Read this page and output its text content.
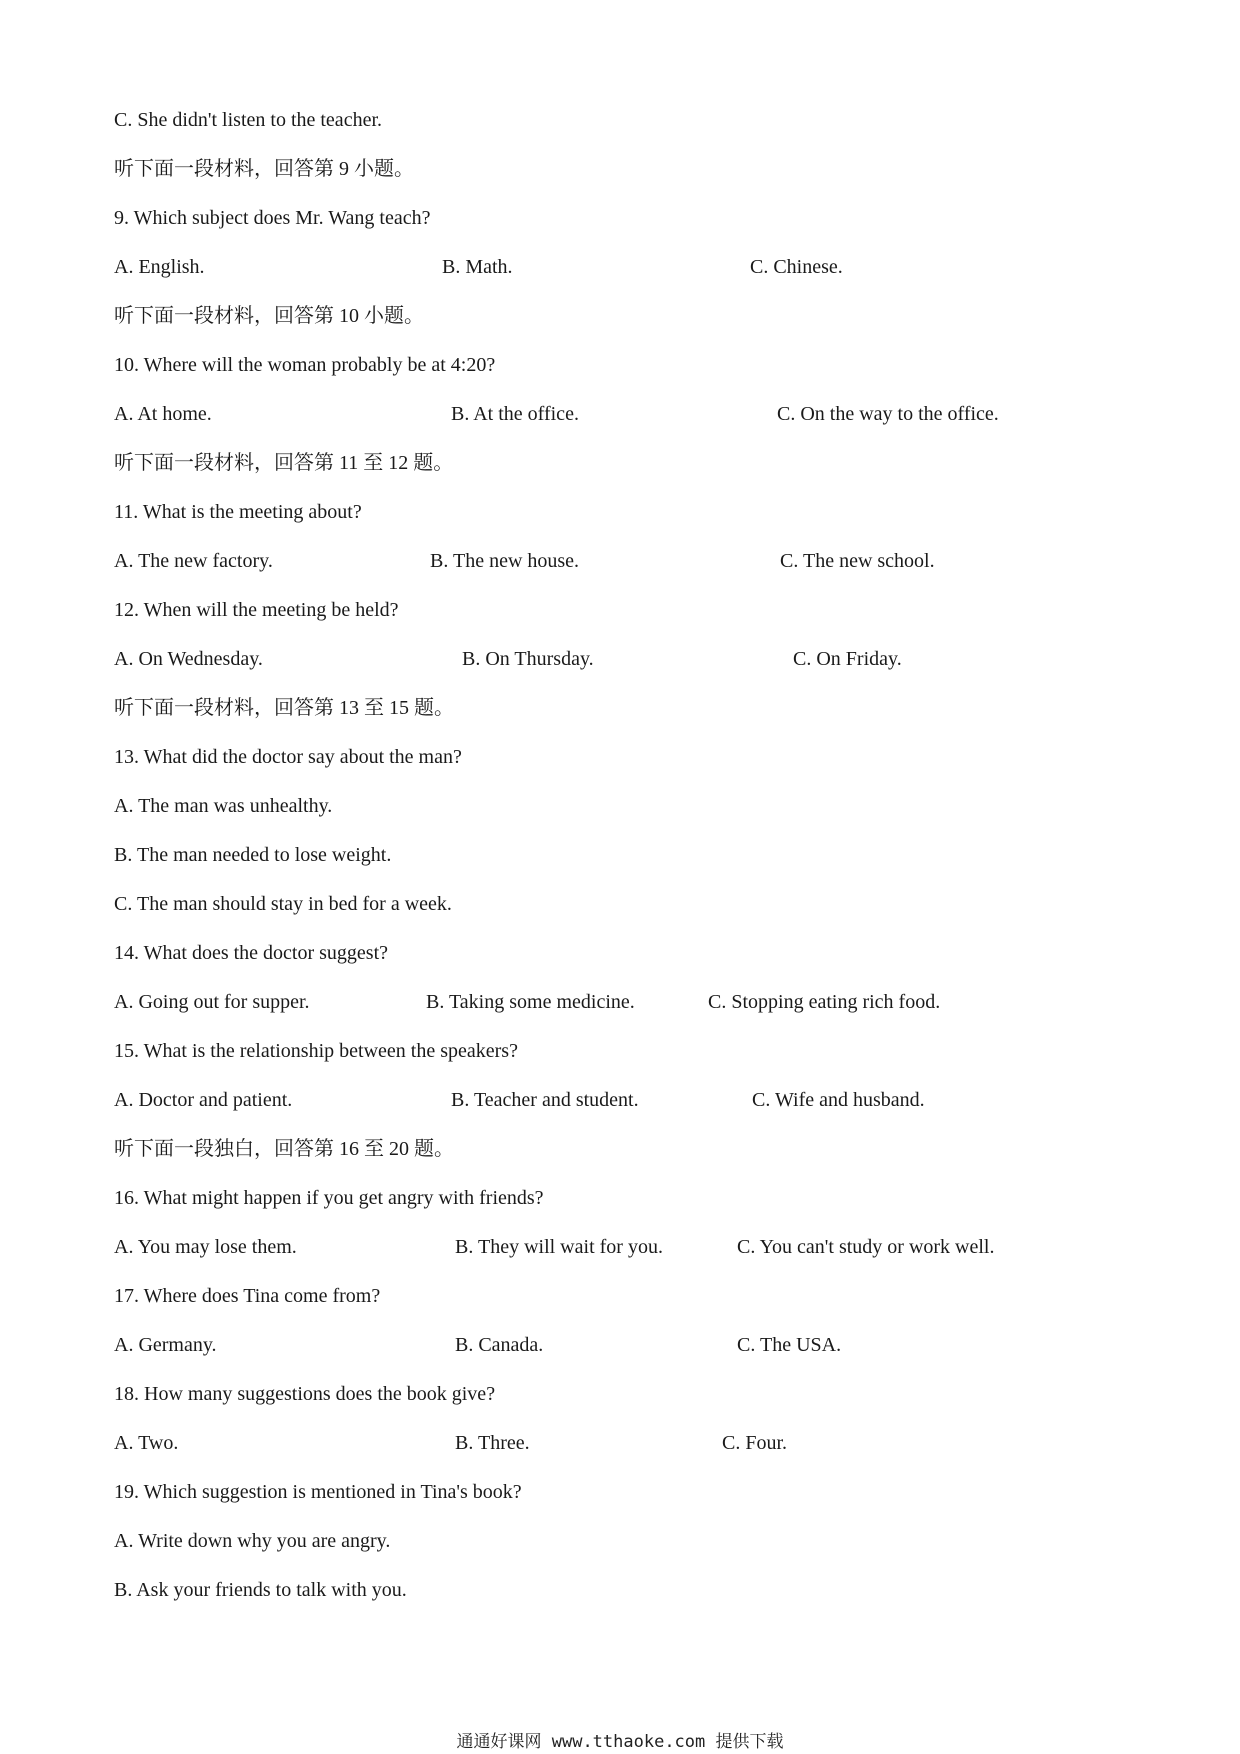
C. She didn't listen to the teacher.
听下面一段材料，回答第 9 小题。
9. Which subject does Mr. Wang teach?
A. English.	B. Math.	C. Chinese.
听下面一段材料，回答第 10 小题。
10. Where will the woman probably be at 4:20?
A. At home.	B. At the office.	C. On the way to the office.
听下面一段材料，回答第 11 至 12 题。
11. What is the meeting about?
A. The new factory.	B. The new house.	C. The new school.
12. When will the meeting be held?
A. On Wednesday.	B. On Thursday.	C. On Friday.
听下面一段材料，回答第 13 至 15 题。
13. What did the doctor say about the man?
A. The man was unhealthy.
B. The man needed to lose weight.
C. The man should stay in bed for a week.
14. What does the doctor suggest?
A. Going out for supper.	B. Taking some medicine.	C. Stopping eating rich food.
15. What is the relationship between the speakers?
A. Doctor and patient.	B. Teacher and student.	C. Wife and husband.
听下面一段独白，回答第 16 至 20 题。
16. What might happen if you get angry with friends?
A. You may lose them.	B. They will wait for you.	C. You can't study or work well.
17. Where does Tina come from?
A. Germany.	B. Canada.	C. The USA.
18. How many suggestions does the book give?
A. Two.	B. Three.	C. Four.
19. Which suggestion is mentioned in Tina's book?
A. Write down why you are angry.
B. Ask your friends to talk with you.
通通好课网 www.tthaoke.com 提供下载
